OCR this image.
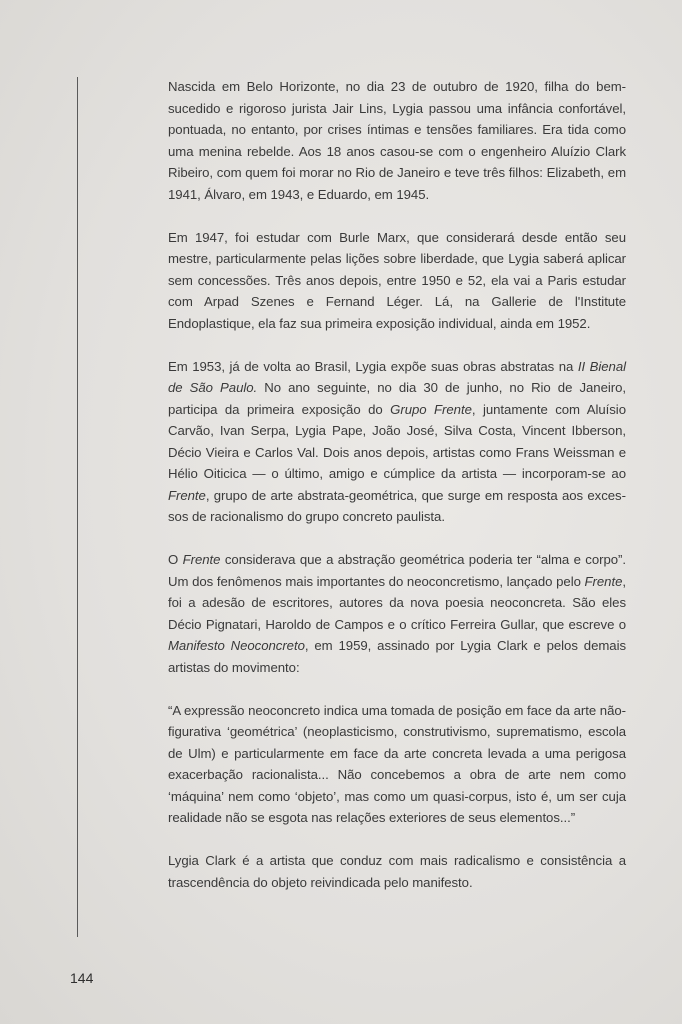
Nascida em Belo Horizonte, no dia 23 de outubro de 1920, filha do bem-sucedido e rigoroso jurista Jair Lins, Lygia passou uma infância confortável, pontuada, no entanto, por crises íntimas e tensões familiares. Era tida como uma menina rebelde. Aos 18 anos casou-se com o engenheiro Aluízio Clark Ribeiro, com quem foi morar no Rio de Janeiro e teve três filhos: Elizabeth, em 1941, Álvaro, em 1943, e Eduardo, em 1945.

Em 1947, foi estudar com Burle Marx, que considerará desde então seu mestre, particularmente pelas lições sobre liberdade, que Lygia saberá aplicar sem concessões. Três anos depois, entre 1950 e 52, ela vai a Paris estudar com Arpad Szenes e Fernand Léger. Lá, na Gallerie de l'Institute Endoplastique, ela faz sua primeira exposição individual, ainda em 1952.

Em 1953, já de volta ao Brasil, Lygia expõe suas obras abstratas na II Bienal de São Paulo. No ano seguinte, no dia 30 de junho, no Rio de Janeiro, participa da primeira exposição do Grupo Frente, juntamente com Aluísio Carvão, Ivan Serpa, Lygia Pape, João José, Silva Costa, Vincent Ibberson, Décio Vieira e Carlos Val. Dois anos depois, artistas como Frans Weissman e Hélio Oiticica — o último, amigo e cúmplice da artista — incorporam-se ao Frente, grupo de arte abstrata-geométrica, que surge em resposta aos excessos de racionalismo do grupo concreto paulista.

O Frente considerava que a abstração geométrica poderia ter “alma e corpo”. Um dos fenômenos mais importantes do neoconcretismo, lançado pelo Frente, foi a adesão de escritores, autores da nova poesia neoconcreta. São eles Décio Pignatari, Haroldo de Campos e o crítico Ferreira Gullar, que escreve o Manifesto Neoconcreto, em 1959, assinado por Lygia Clark e pelos demais artistas do movimento:

“A expressão neoconcreto indica uma tomada de posição em face da arte não-figurativa ‘geométrica’ (neoplasticismo, construtivismo, suprematismo, escola de Ulm) e particularmente em face da arte concreta levada a uma perigosa exacerbação racionalista... Não concebemos a obra de arte nem como ‘máquina’ nem como ‘objeto’, mas como um quasi-corpus, isto é, um ser cuja realidade não se esgota nas relações exteriores de seus elementos...”

Lygia Clark é a artista que conduz com mais radicalismo e consistência a trascendência do objeto reivindicada pelo manifesto.

144
